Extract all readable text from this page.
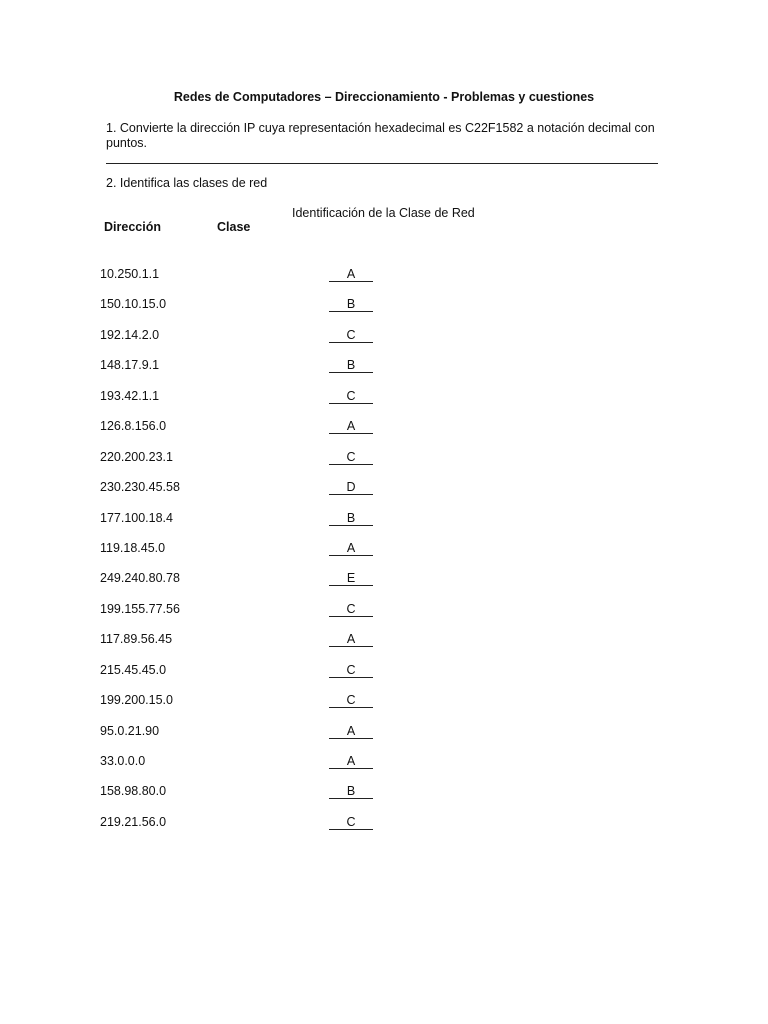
Redes de Computadores – Direccionamiento - Problemas y cuestiones
1. Convierte la dirección IP cuya representación hexadecimal es C22F1582 a notación decimal con puntos.
2. Identifica las clases de red
Identificación de la Clase de Red
Dirección	Clase
10.250.1.1	A
150.10.15.0	B
192.14.2.0	C
148.17.9.1	B
193.42.1.1	C
126.8.156.0	A
220.200.23.1	C
230.230.45.58	D
177.100.18.4	B
119.18.45.0	A
249.240.80.78	E
199.155.77.56	C
117.89.56.45	A
215.45.45.0	C
199.200.15.0	C
95.0.21.90	A
33.0.0.0	A
158.98.80.0	B
219.21.56.0	C
